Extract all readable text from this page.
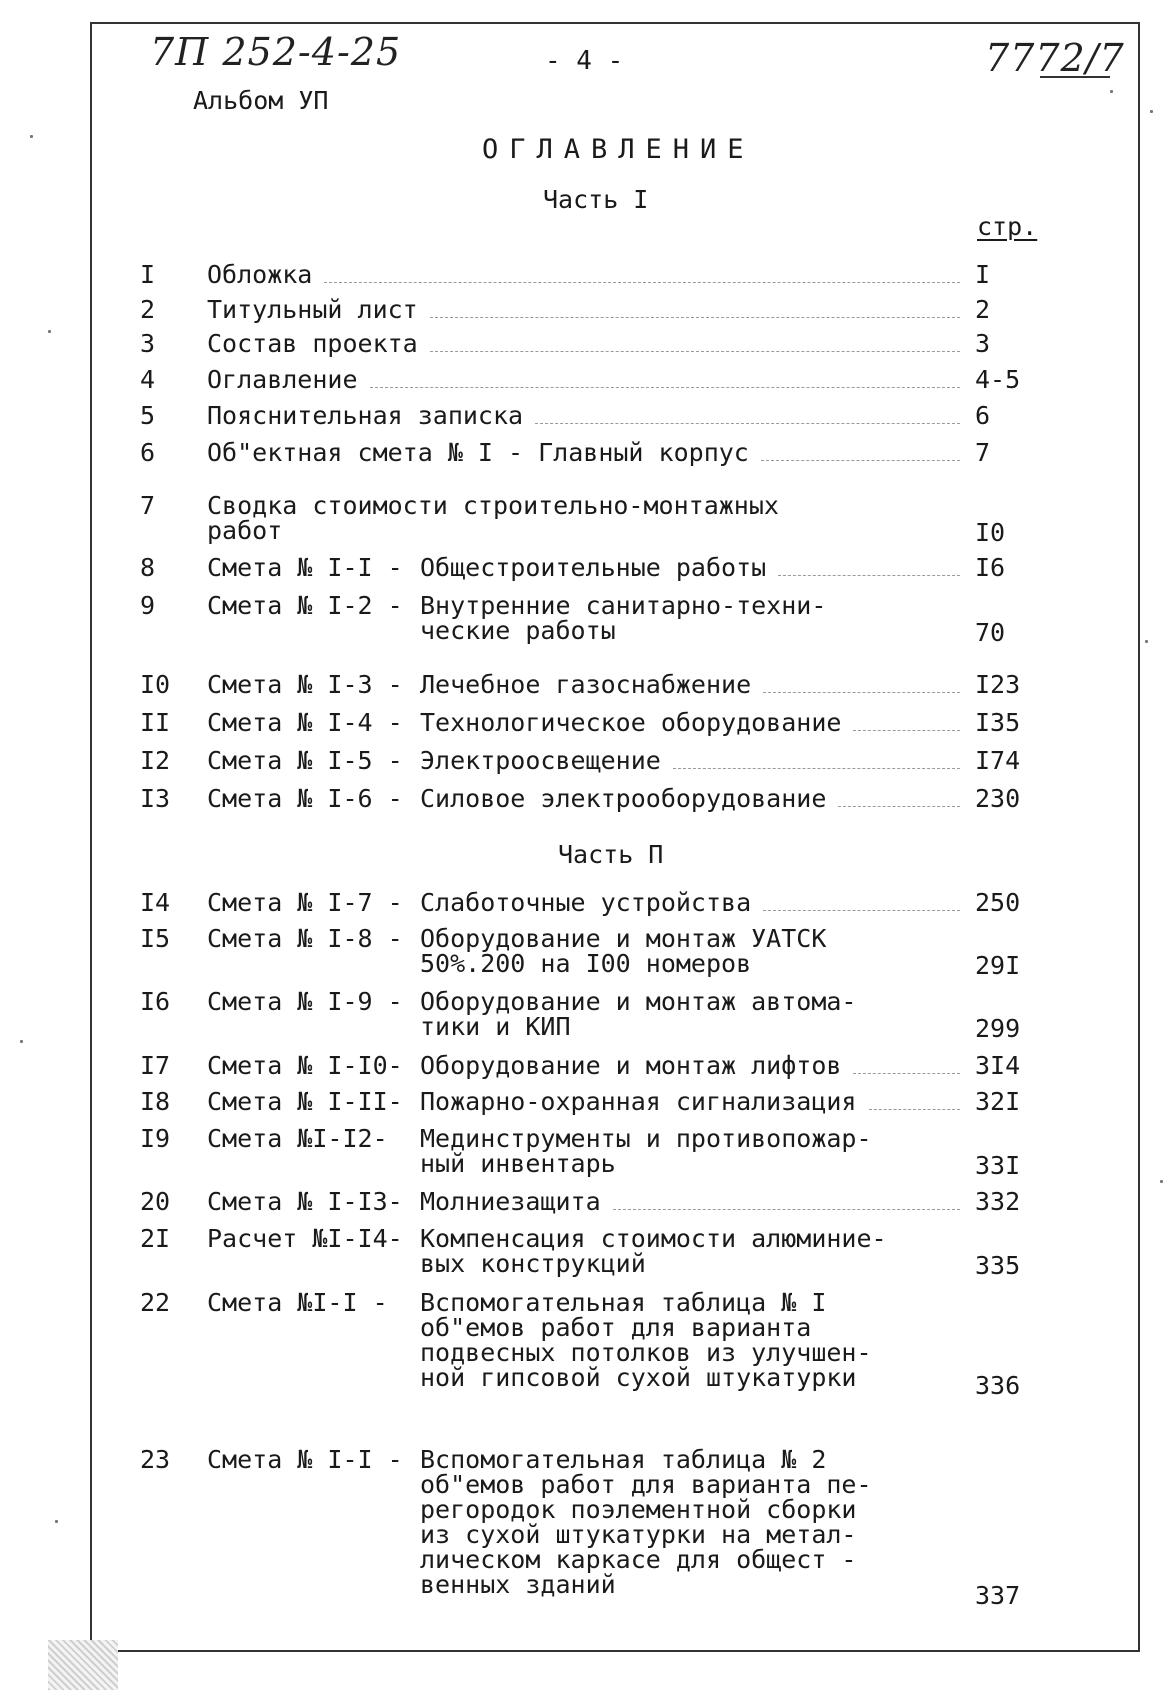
7П 252-4-25	7772/7
- 4 -
Альбом УП
ОГЛАВЛЕНИЕ
Часть I
Часть П
стр.
I	Обложка	I
2	Титульный лист	2
3	Состав проекта	3
4	Оглавление	4-5
5	Пояснительная записка	6
6	Об"ектная смета № I - Главный корпус	7
7	Сводка стоимости строительно-монтажных
работ	I0
8	Смета № I-I - Общестроительные работы	I6
9	Смета № I-2 - Внутренние санитарно-техни-
ческие работы	70
I0	Смета № I-3 - Лечебное газоснабжение	I23
II	Смета № I-4 - Технологическое оборудование	I35
I2	Смета № I-5 - Электроосвещение	I74
I3	Смета № I-6 - Силовое электрооборудование	230
I4	Смета № I-7 - Слаботочные устройства	250
I5	Смета № I-8 - Оборудование и монтаж УАТСК
50%.200 на I00 номеров	29I
I6	Смета № I-9 - Оборудование и монтаж автома-
тики и КИП	299
I7	Смета № I-I0- Оборудование и монтаж лифтов	3I4
I8	Смета № I-II- Пожарно-охранная сигнализация	32I
I9	Смета №I-I2- Мединструменты и противопожар-
ный инвентарь	33I
20	Смета № I-I3- Молниезащита	332
2I	Расчет №I-I4- Компенсация стоимости алюминие-
вых конструкций	335
22	Смета №I-I - Вспомогательная таблица № I
об"емов работ для варианта
подвесных потолков из улучшен-
ной гипсовой сухой штукатурки	336
23	Смета № I-I - Вспомогательная таблица № 2
об"емов работ для варианта пе-
регородок поэлементной сборки
из сухой штукатурки на метал-
лическом каркасе для общест -
венных зданий	337
